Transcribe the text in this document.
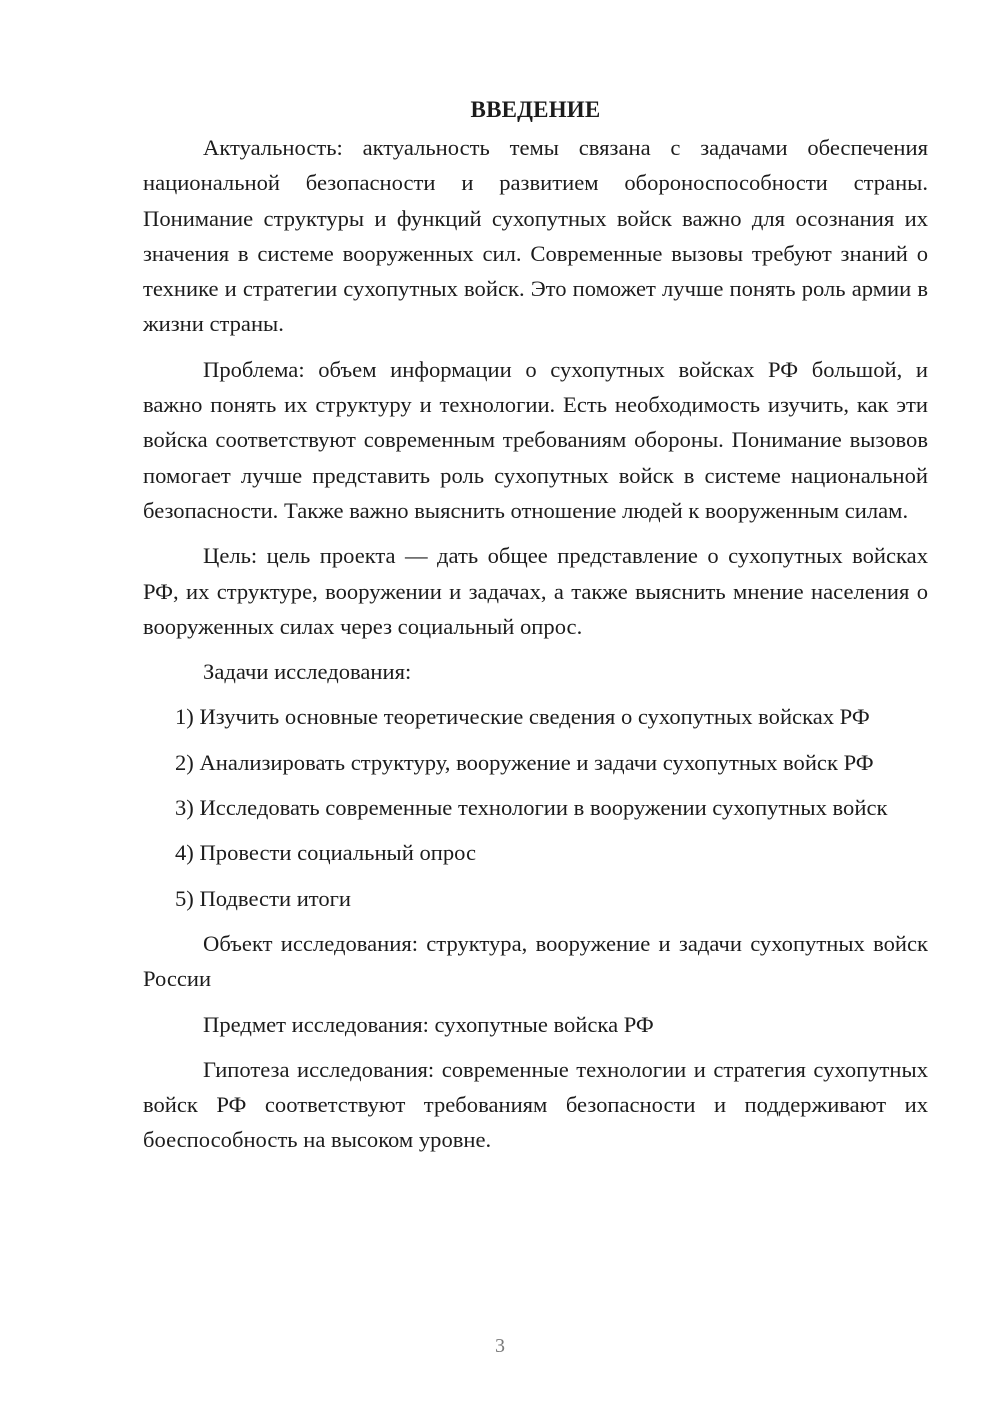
ВВЕДЕНИЕ

Актуальность: актуальность темы связана с задачами обеспечения национальной безопасности и развитием обороноспособности страны. Понимание структуры и функций сухопутных войск важно для осознания их значения в системе вооруженных сил. Современные вызовы требуют знаний о технике и стратегии сухопутных войск. Это поможет лучше понять роль армии в жизни страны.

Проблема: объем информации о сухопутных войсках РФ большой, и важно понять их структуру и технологии. Есть необходимость изучить, как эти войска соответствуют современным требованиям обороны. Понимание вызовов помогает лучше представить роль сухопутных войск в системе национальной безопасности. Также важно выяснить отношение людей к вооруженным силам.

Цель: цель проекта — дать общее представление о сухопутных войсках РФ, их структуре, вооружении и задачах, а также выяснить мнение населения о вооруженных силах через социальный опрос.

Задачи исследования:

1) Изучить основные теоретические сведения о сухопутных войсках РФ

2) Анализировать структуру, вооружение и задачи сухопутных войск РФ

3) Исследовать современные технологии в вооружении сухопутных войск

4) Провести социальный опрос

5) Подвести итоги

Объект исследования: структура, вооружение и задачи сухопутных войск России

Предмет исследования: сухопутные войска РФ

Гипотеза исследования: современные технологии и стратегия сухопутных войск РФ соответствуют требованиям безопасности и поддерживают их боеспособность на высоком уровне.

3
